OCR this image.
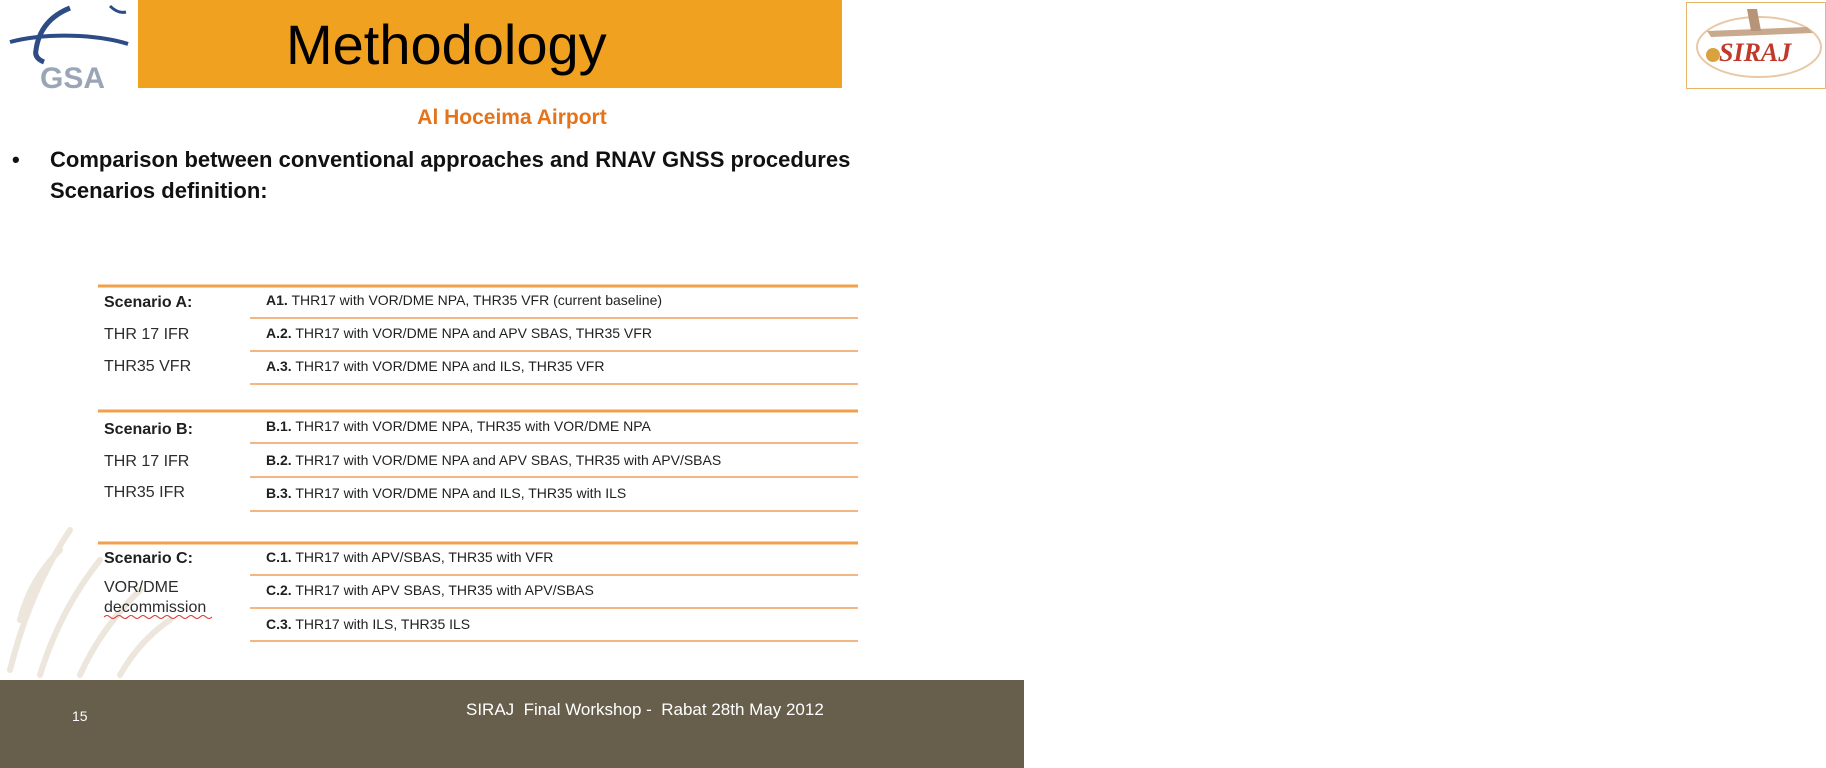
GSA
Methodology	SIRAJ
Al Hoceima Airport
• Comparison between conventional approaches and RNAV GNSS procedures
Scenarios definition:
Scenario A:
THR 17 IFR
THR35 VFR
A1. THR17 with VOR/DME NPA, THR35 VFR (current baseline)
A.2. THR17 with VOR/DME NPA and APV SBAS, THR35 VFR
A.3. THR17 with VOR/DME NPA and ILS, THR35 VFR
Scenario B:
THR 17 IFR
THR35 IFR
B.1. THR17 with VOR/DME NPA, THR35 with VOR/DME NPA
B.2. THR17 with VOR/DME NPA and APV SBAS, THR35 with APV/SBAS
B.3. THR17 with VOR/DME NPA and ILS, THR35 with ILS
Scenario C:
VOR/DME
decommission
C.1. THR17 with APV/SBAS, THR35 with VFR
C.2. THR17 with APV SBAS, THR35 with APV/SBAS
C.3. THR17 with ILS, THR35 ILS
15	SIRAJ  Final Workshop -  Rabat 28th May 2012
